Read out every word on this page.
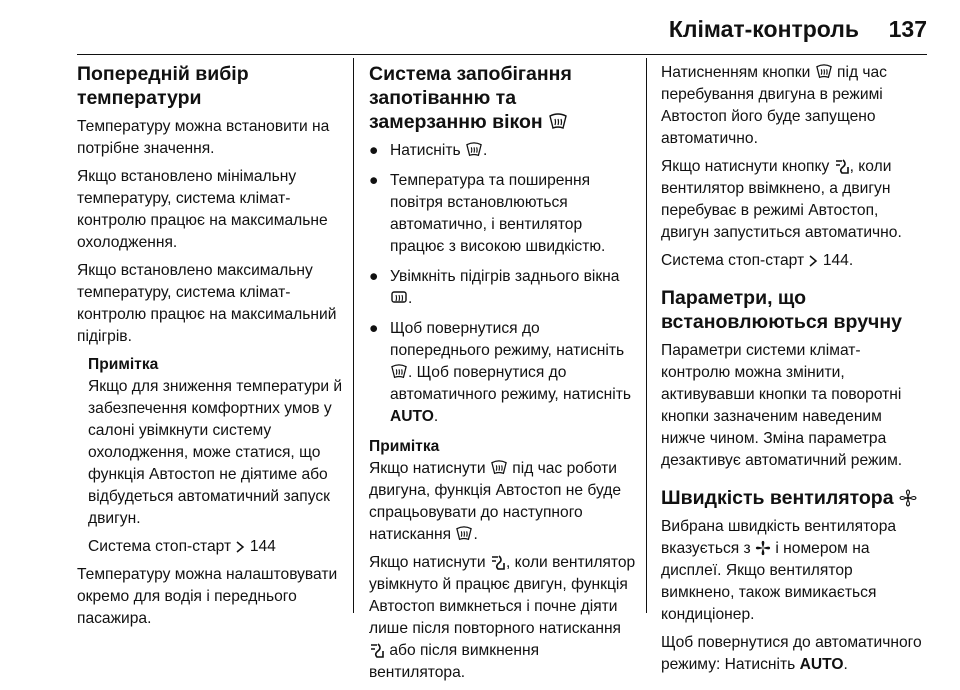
Клімат-контроль 137
Попередній вибір температури

Температуру можна встановити на потрібне значення.

Якщо встановлено мінімальну температуру, система клімат-контролю працює на максимальне охолодження.

Якщо встановлено максимальну температуру, система клімат-контролю працює на максимальний підігрів.

Примітка

Якщо для зниження температури й забезпечення комфортних умов у салоні увімкнути систему охолодження, може статися, що функція Автостоп не діятиме або відбудеться автоматичний запуск двигун.

Система стоп-старт 144

Температуру можна налаштовувати окремо для водія і переднього пасажира.

Система запобігання запотіванню та замерзанню вікон
● Натисніть .
● Температура та поширення повітря встановлюються автоматично, і вентилятор працює з високою швидкістю.
● Увімкніть підігрів заднього вікна .
● Щоб повернутися до попереднього режиму, натисніть . Щоб повернутися до автоматичного режиму, натисніть AUTO.

Примітка

Якщо натиснути під час роботи двигуна, функція Автостоп не буде спрацьовувати до наступного натискання .

Якщо натиснути , коли вентилятор увімкнуто й працює двигун, функція Автостоп вимкнеться і почне діяти лише після повторного натискання  або після вимкнення вентилятора.

Натисненням кнопки під час перебування двигуна в режимі Автостоп його буде запущено автоматично.

Якщо натиснути кнопку , коли вентилятор ввімкнено, а двигун перебуває в режимі Автостоп, двигун запуститься автоматично.

Система стоп-старт 144.

Параметри, що встановлюються вручну

Параметри системи клімат-контролю можна змінити, активувавши кнопки та поворотні кнопки зазначеним наведеним нижче чином. Зміна параметра дезактивує автоматичний режим.

Швидкість вентилятора

Вибрана швидкість вентилятора вказується з і номером на дисплеї. Якщо вентилятор вимкнено, також вимикається кондиціонер.

Щоб повернутися до автоматичного режиму: Натисніть AUTO.
